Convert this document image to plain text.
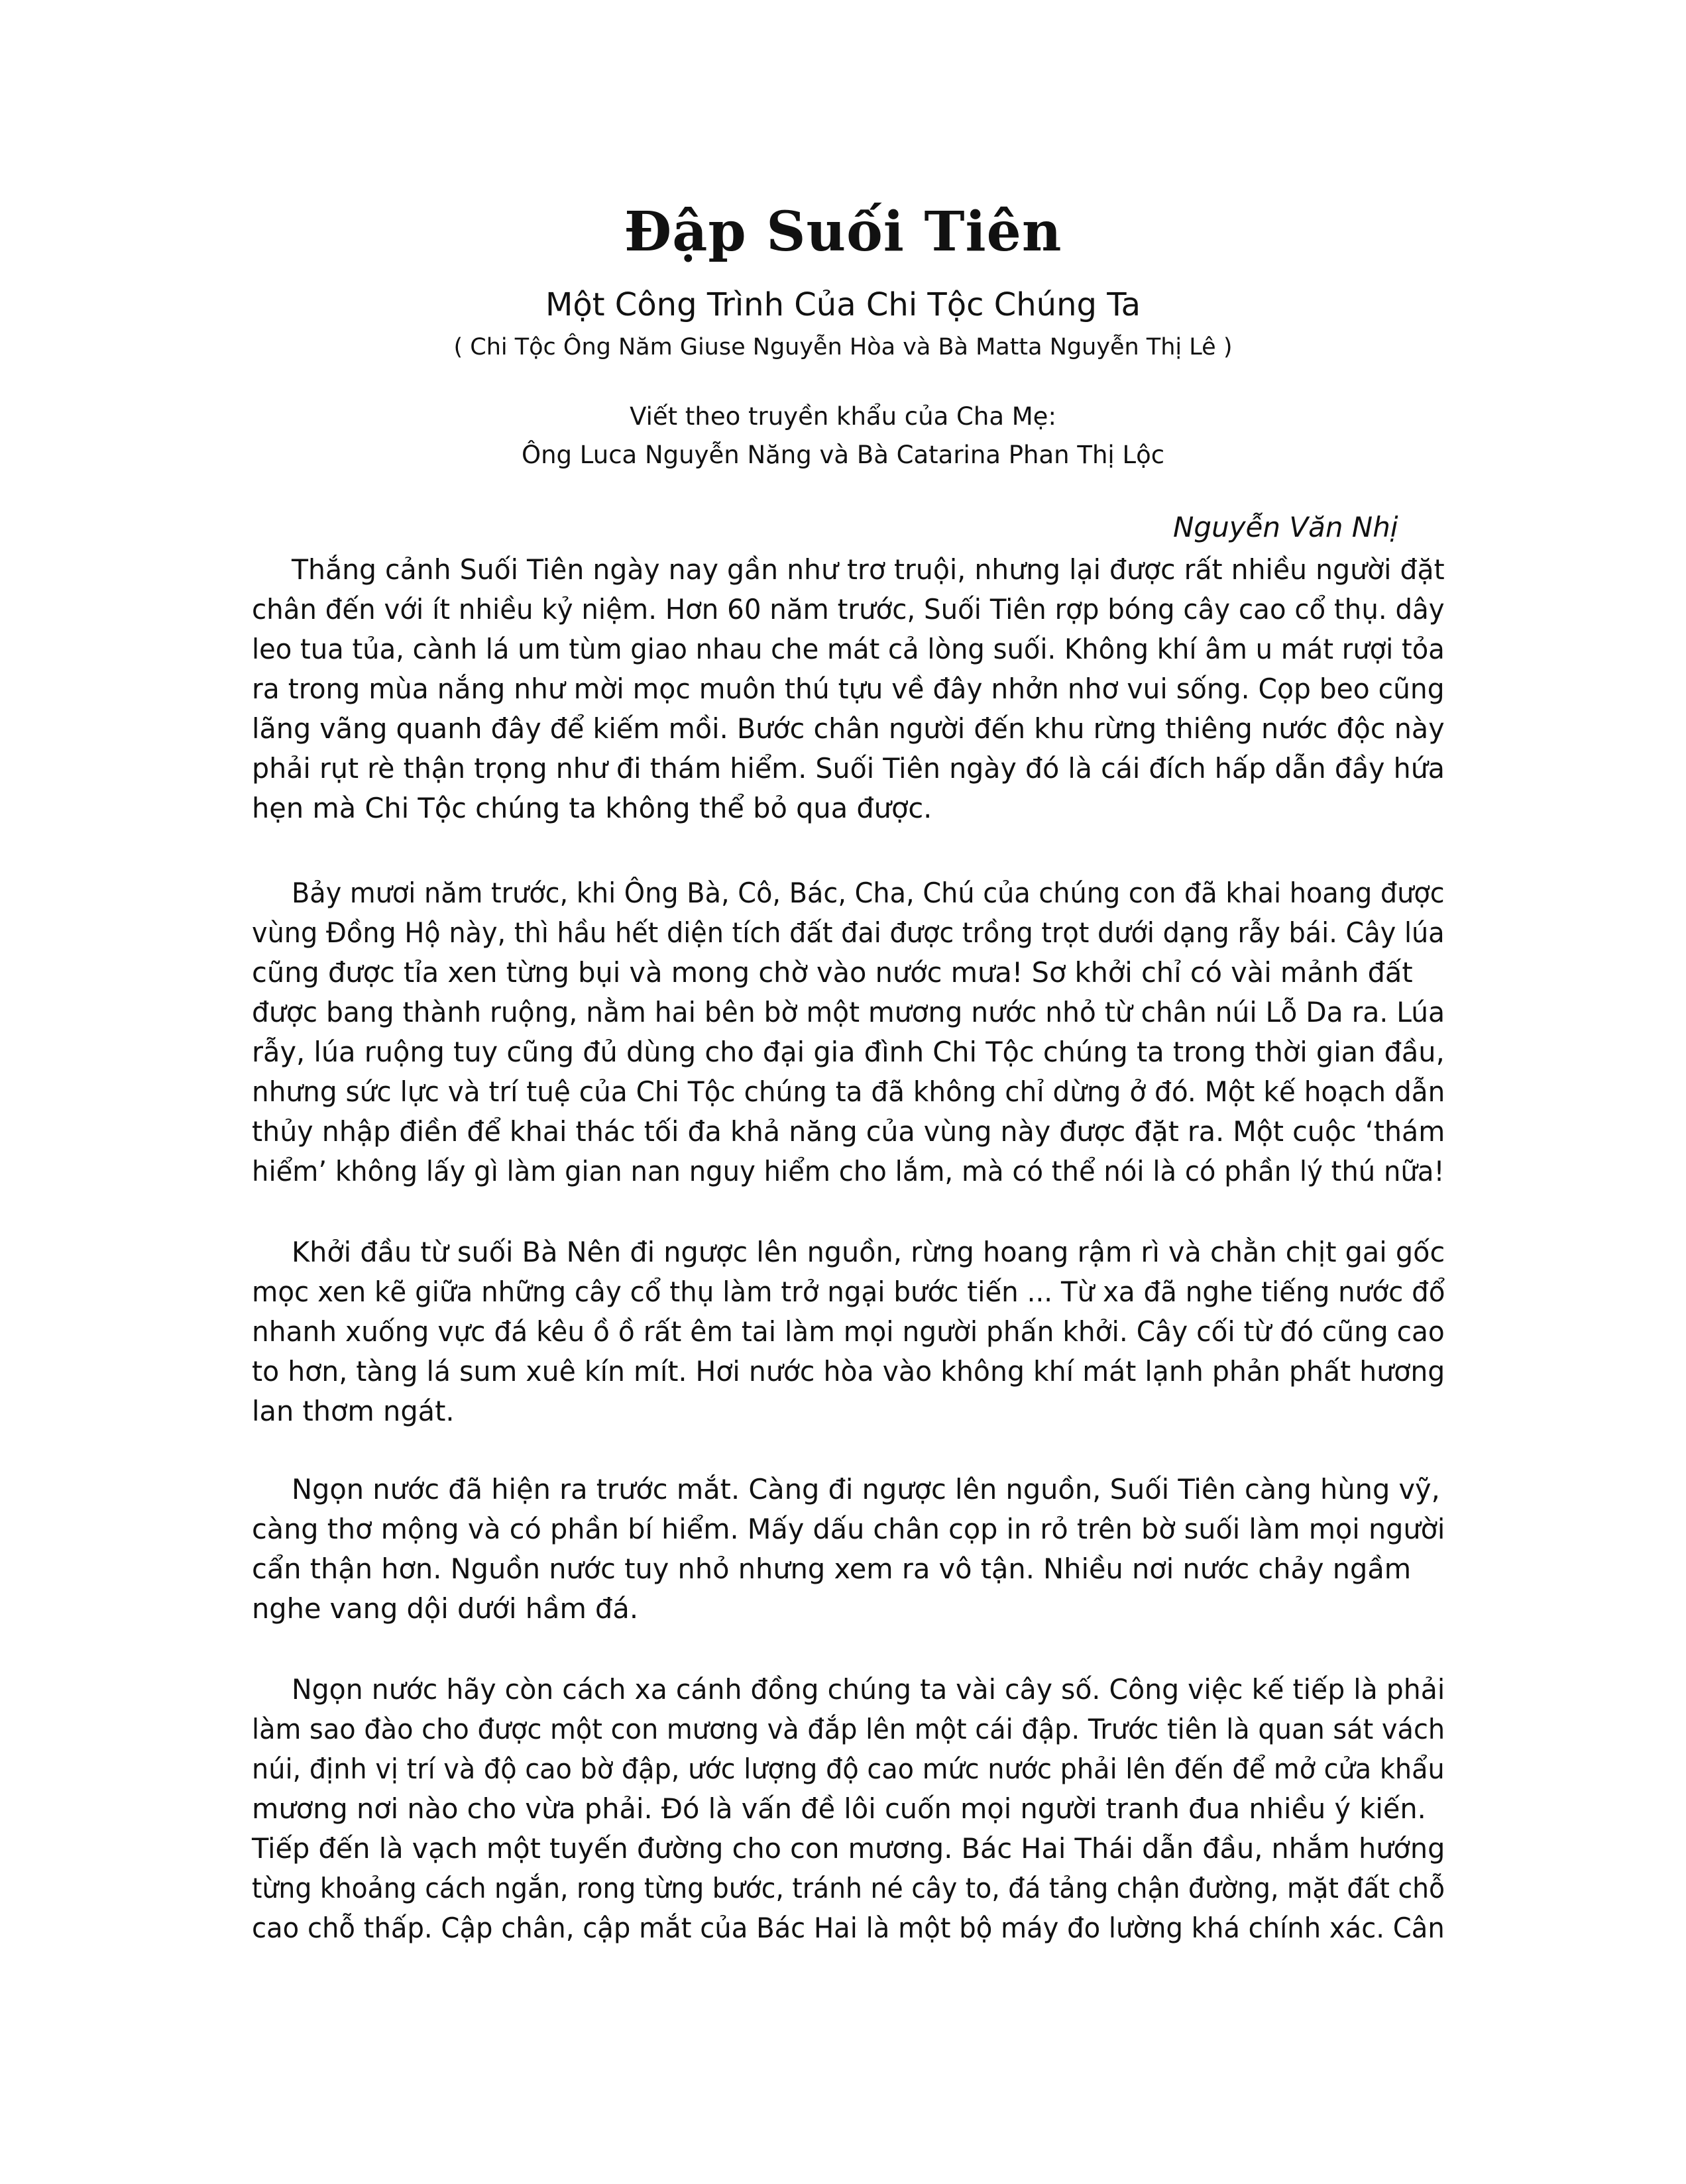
Đập Suối Tiên
Một Công Trình Của Chi Tộc Chúng Ta
( Chi Tộc Ông Năm Giuse Nguyễn Hòa và Bà Matta Nguyễn Thị Lê )
Viết theo truyền khẩu của Cha Mẹ:
Ông Luca Nguyễn Năng và Bà Catarina Phan Thị Lộc
Nguyễn Văn Nhị
Thắng cảnh Suối Tiên ngày nay gần như trơ truội, nhưng lại được rất nhiều người đặt
chân đến với ít nhiều kỷ niệm. Hơn 60 năm trước, Suối Tiên rợp bóng cây cao cổ thụ. dây
leo tua tủa, cành lá um tùm giao nhau che mát cả lòng suối. Không khí âm u mát rượi tỏa
ra trong mùa nắng như mời mọc muôn thú tựu về đây nhởn nhơ vui sống. Cọp beo cũng
lãng vãng quanh đây để kiếm mồi. Bước chân người đến khu rừng thiêng nước độc này
phải rụt rè thận trọng như đi thám hiểm. Suối Tiên ngày đó là cái đích hấp dẫn đầy hứa
hẹn mà Chi Tộc chúng ta không thể bỏ qua được.
Bảy mươi năm trước, khi Ông Bà, Cô, Bác, Cha, Chú của chúng con đã khai hoang được
vùng Đồng Hộ này, thì hầu hết diện tích đất đai được trồng trọt dưới dạng rẫy bái. Cây lúa
cũng được tỉa xen từng bụi và mong chờ vào nước mưa! Sơ khởi chỉ có vài mảnh đất
được bang thành ruộng, nằm hai bên bờ một mương nước nhỏ từ chân núi Lỗ Da ra. Lúa
rẫy, lúa ruộng tuy cũng đủ dùng cho đại gia đình Chi Tộc chúng ta trong thời gian đầu,
nhưng sức lực và trí tuệ của Chi Tộc chúng ta đã không chỉ dừng ở đó. Một kế hoạch dẫn
thủy nhập điền để khai thác tối đa khả năng của vùng này được đặt ra. Một cuộc ‘thám
hiểm’ không lấy gì làm gian nan nguy hiểm cho lắm, mà có thể nói là có phần lý thú nữa!
Khởi đầu từ suối Bà Nên đi ngược lên nguồn, rừng hoang rậm rì và chằn chịt gai gốc
mọc xen kẽ giữa những cây cổ thụ làm trở ngại bước tiến ... Từ xa đã nghe tiếng nước đổ
nhanh xuống vực đá kêu ồ ồ rất êm tai làm mọi người phấn khởi. Cây cối từ đó cũng cao
to hơn, tàng lá sum xuê kín mít. Hơi nước hòa vào không khí mát lạnh phản phất hương
lan thơm ngát.
Ngọn nước đã hiện ra trước mắt. Càng đi ngược lên nguồn, Suối Tiên càng hùng vỹ,
càng thơ mộng và có phần bí hiểm. Mấy dấu chân cọp in rỏ trên bờ suối làm mọi người
cẩn thận hơn. Nguồn nước tuy nhỏ nhưng xem ra vô tận. Nhiều nơi nước chảy ngầm
nghe vang dội dưới hầm đá.
Ngọn nước hãy còn cách xa cánh đồng chúng ta vài cây số. Công việc kế tiếp là phải
làm sao đào cho được một con mương và đắp lên một cái đập. Trước tiên là quan sát vách
núi, định vị trí và độ cao bờ đập, ước lượng độ cao mức nước phải lên đến để mở cửa khẩu
mương nơi nào cho vừa phải. Đó là vấn đề lôi cuốn mọi người tranh đua nhiều ý kiến.
Tiếp đến là vạch một tuyến đường cho con mương. Bác Hai Thái dẫn đầu, nhắm hướng
từng khoảng cách ngắn, rong từng bước, tránh né cây to, đá tảng chận đường, mặt đất chỗ
cao chỗ thấp. Cập chân, cập mắt của Bác Hai là một bộ máy đo lường khá chính xác. Cân
